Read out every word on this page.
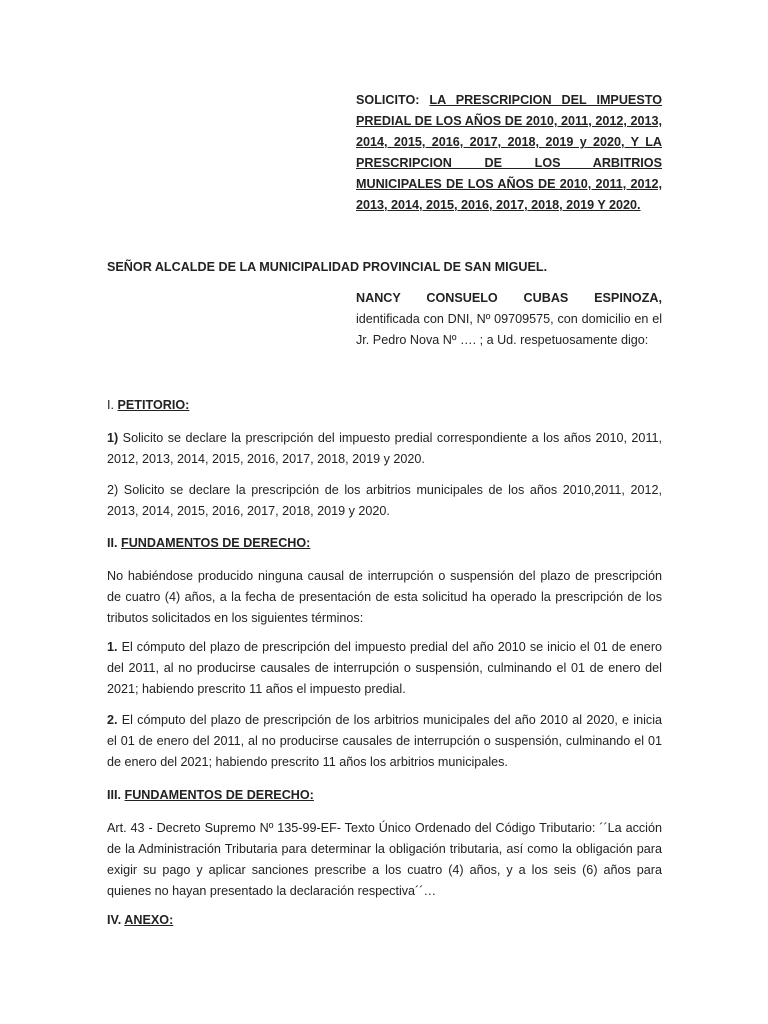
SOLICITO: LA PRESCRIPCION DEL IMPUESTO PREDIAL DE LOS AÑOS DE 2010, 2011, 2012, 2013, 2014, 2015, 2016, 2017, 2018, 2019 y 2020, Y LA PRESCRIPCION DE LOS ARBITRIOS MUNICIPALES DE LOS AÑOS DE 2010, 2011, 2012, 2013, 2014, 2015, 2016, 2017, 2018, 2019 Y 2020.
SEÑOR ALCALDE DE LA MUNICIPALIDAD PROVINCIAL DE SAN MIGUEL.
NANCY CONSUELO CUBAS ESPINOZA, identificada con DNI, Nº 09709575, con domicilio en el Jr. Pedro Nova Nº …. ; a Ud. respetuosamente digo:
I. PETITORIO:
1) Solicito se declare la prescripción del impuesto predial correspondiente a los años 2010, 2011, 2012, 2013, 2014, 2015, 2016, 2017, 2018, 2019 y 2020.
2) Solicito se declare la prescripción de los arbitrios municipales de los años 2010,2011, 2012, 2013, 2014, 2015, 2016, 2017, 2018, 2019 y 2020.
II. FUNDAMENTOS DE DERECHO:
No habiéndose producido ninguna causal de interrupción o suspensión del plazo de prescripción de cuatro (4) años, a la fecha de presentación de esta solicitud ha operado la prescripción de los tributos solicitados en los siguientes términos:
1. El cómputo del plazo de prescripción del impuesto predial del año 2010 se inicio el 01 de enero del 2011, al no producirse causales de interrupción o suspensión, culminando el 01 de enero del 2021; habiendo prescrito 11 años el impuesto predial.
2. El cómputo del plazo de prescripción de los arbitrios municipales del año 2010 al 2020, e inicia el 01 de enero del 2011, al no producirse causales de interrupción o suspensión, culminando el 01 de enero del 2021; habiendo prescrito 11 años los arbitrios municipales.
III. FUNDAMENTOS DE DERECHO:
Art. 43 - Decreto Supremo Nº 135-99-EF- Texto Único Ordenado del Código Tributario: ´´La acción de la Administración Tributaria para determinar la obligación tributaria, así como la obligación para exigir su pago y aplicar sanciones prescribe a los cuatro (4) años, y a los seis (6) años para quienes no hayan presentado la declaración respectiva´´…
IV. ANEXO:
